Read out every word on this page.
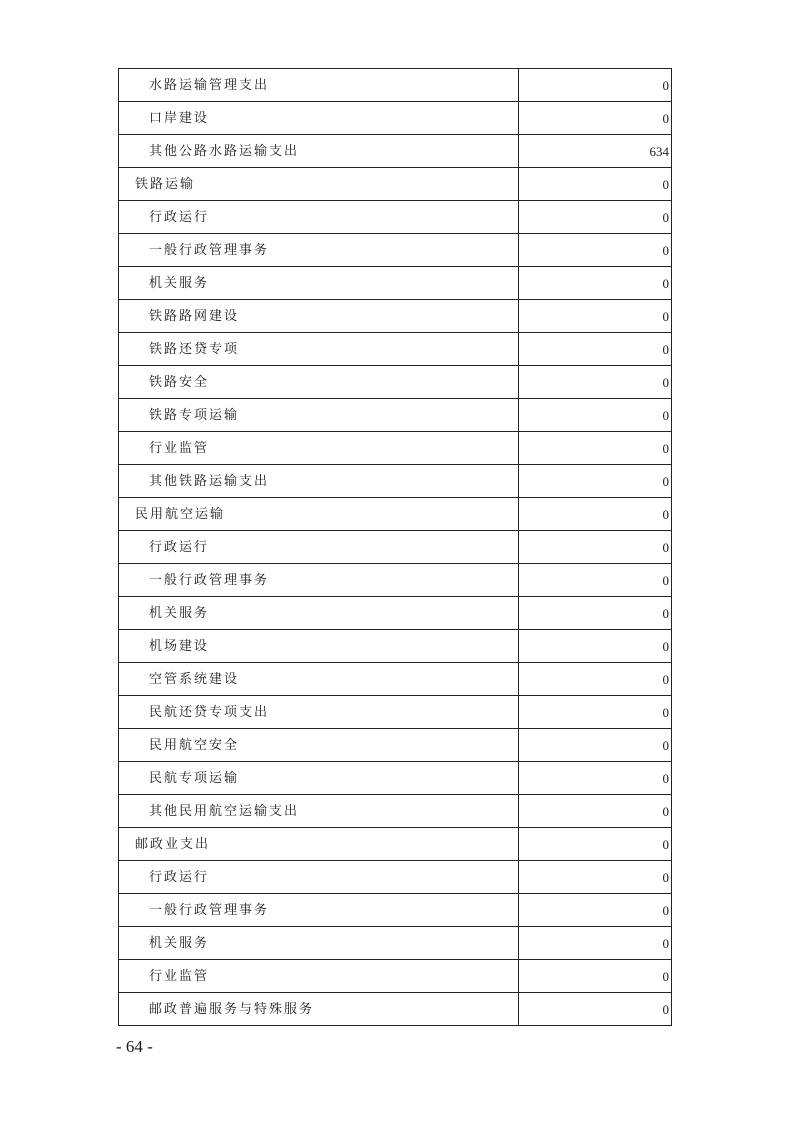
水路运输管理支出	0
口岸建设	0
其他公路水路运输支出	634
铁路运输	0
行政运行	0
一般行政管理事务	0
机关服务	0
铁路路网建设	0
铁路还贷专项	0
铁路安全	0
铁路专项运输	0
行业监管	0
其他铁路运输支出	0
民用航空运输	0
行政运行	0
一般行政管理事务	0
机关服务	0
机场建设	0
空管系统建设	0
民航还贷专项支出	0
民用航空安全	0
民航专项运输	0
其他民用航空运输支出	0
邮政业支出	0
行政运行	0
一般行政管理事务	0
机关服务	0
行业监管	0
邮政普遍服务与特殊服务	0
- 64 -
